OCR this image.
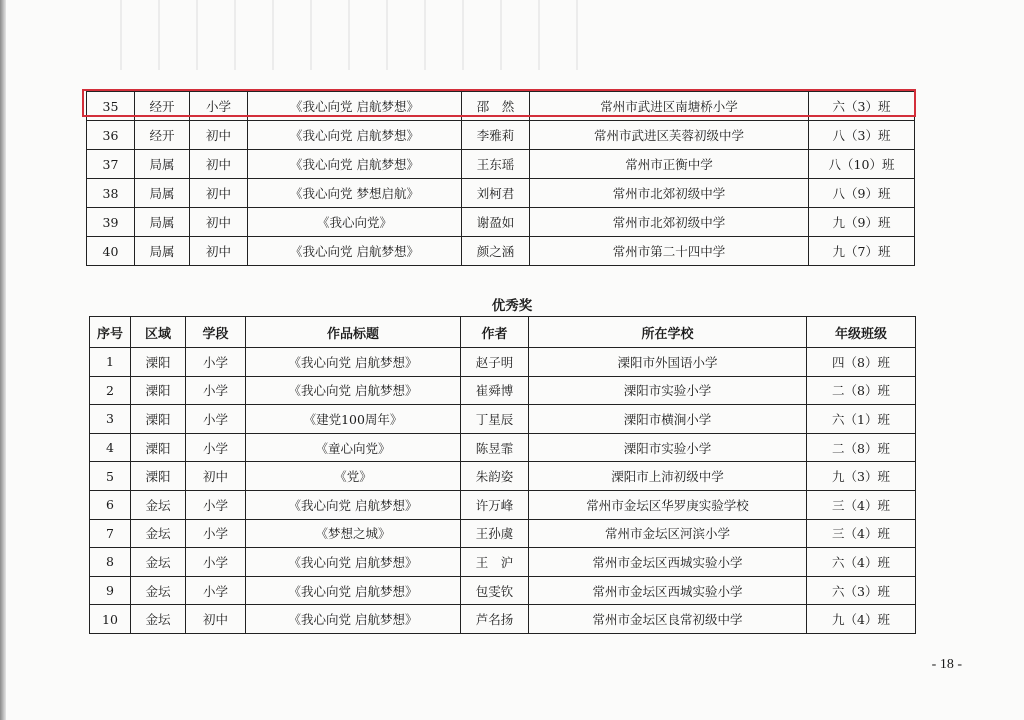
35	经开	小学	《我心向党 启航梦想》	邵　然	常州市武进区南塘桥小学	六（3）班
36	经开	初中	《我心向党 启航梦想》	李雅莉	常州市武进区芙蓉初级中学	八（3）班
37	局属	初中	《我心向党 启航梦想》	王东瑶	常州市正衡中学	八（10）班
38	局属	初中	《我心向党 梦想启航》	刘柯君	常州市北郊初级中学	八（9）班
39	局属	初中	《我心向党》	谢盈如	常州市北郊初级中学	九（9）班
40	局属	初中	《我心向党 启航梦想》	颜之涵	常州市第二十四中学	九（7）班
优秀奖
序号	区域	学段	作品标题	作者	所在学校	年级班级
1	溧阳	小学	《我心向党 启航梦想》	赵子明	溧阳市外国语小学	四（8）班
2	溧阳	小学	《我心向党 启航梦想》	崔舜博	溧阳市实验小学	二（8）班
3	溧阳	小学	《建党100周年》	丁星辰	溧阳市横涧小学	六（1）班
4	溧阳	小学	《童心向党》	陈昱霏	溧阳市实验小学	二（8）班
5	溧阳	初中	《党》	朱韵姿	溧阳市上沛初级中学	九（3）班
6	金坛	小学	《我心向党 启航梦想》	许万峰	常州市金坛区华罗庚实验学校	三（4）班
7	金坛	小学	《梦想之城》	王孙虞	常州市金坛区河滨小学	三（4）班
8	金坛	小学	《我心向党 启航梦想》	王　沪	常州市金坛区西城实验小学	六（4）班
9	金坛	小学	《我心向党 启航梦想》	包雯钦	常州市金坛区西城实验小学	六（3）班
10	金坛	初中	《我心向党 启航梦想》	芦名扬	常州市金坛区良常初级中学	九（4）班
- 18 -
